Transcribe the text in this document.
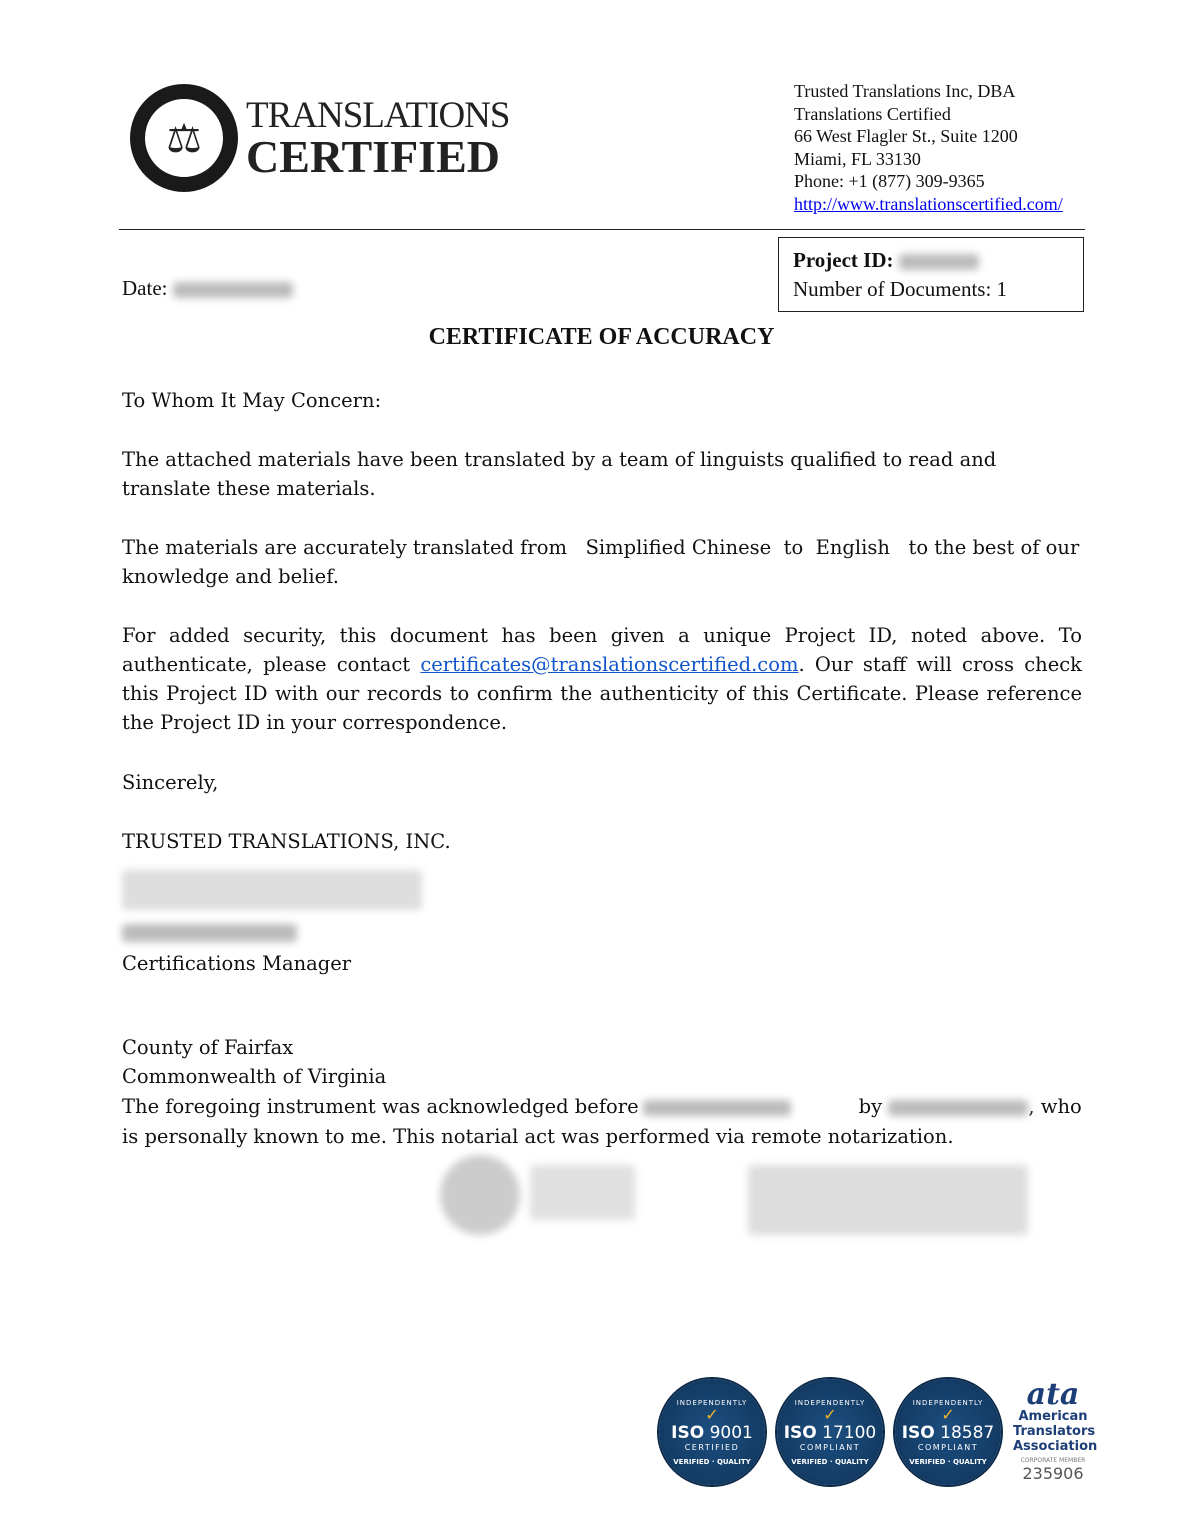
⚖
TRANSLATIONS
CERTIFIED
Trusted Translations Inc, DBA
Translations Certified
66 West Flagler St., Suite 1200
Miami, FL 33130
Phone: +1 (877) 309-9365
http://www.translationscertified.com/
Project ID:
Number of Documents: 1
Date:
CERTIFICATE OF ACCURACY
To Whom It May Concern:
The attached materials have been translated by a team of linguists qualified to read and translate these materials.
The materials are accurately translated from Simplified Chinese to English to the best of our knowledge and belief.
For added security, this document has been given a unique Project ID, noted above. To authenticate, please contact certificates@translationscertified.com. Our staff will cross check this Project ID with our records to confirm the authenticity of this Certificate. Please reference the Project ID in your correspondence.
Sincerely,
TRUSTED TRANSLATIONS, INC.
Certifications Manager
County of Fairfax
Commonwealth of Virginia
The foregoing instrument was acknowledged before	by	, who
is personally known to me. This notarial act was performed via remote notarization.
INDEPENDENTLY
✓
ISO 9001
CERTIFIED
VERIFIED · QUALITY
INDEPENDENTLY
✓
ISO 17100
COMPLIANT
VERIFIED · QUALITY
INDEPENDENTLY
✓
ISO 18587
COMPLIANT
VERIFIED · QUALITY
ata
American
Translators
Association
CORPORATE MEMBER
235906
